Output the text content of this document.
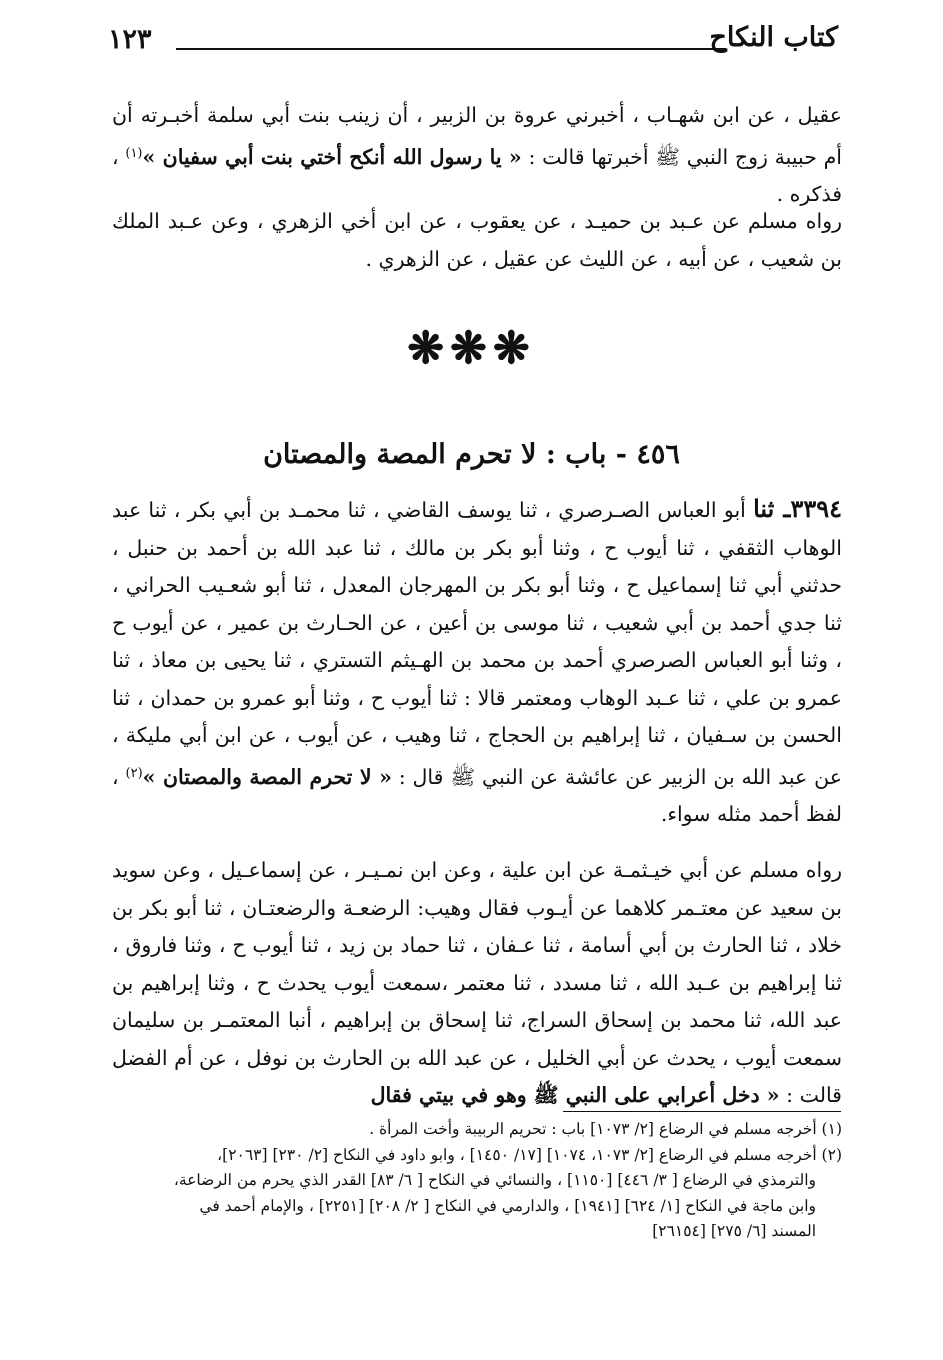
كتاب النكاح
١٢٣
عقيل ، عن ابن شهـاب ، أخبرني عروة بن الزبير ، أن زينب بنت أبي سلمة أخبـرته أن أم حبيبة زوج النبي ﷺ أخبرتها قالت : « يا رسول الله أنكح أختي بنت أبي سفيان »$^{(١)}$ ، فذكره .
رواه مسلم عن عـبد بن حميـد ، عن يعقوب ، عن ابن أخي الزهري ، وعن عـبد الملك بن شعيب ، عن أبيه ، عن الليث عن عقيل ، عن الزهري .
❋❋❋
٤٥٦ - باب : لا تحرم المصة والمصتان
٣٣٩٤ـ ثنا أبو العباس الصـرصري ، ثنا يوسف القاضي ، ثنا محمـد بن أبي بكر ، ثنا عبد الوهاب الثقفي ، ثنا أيوب ح ، وثنا أبو بكر بن مالك ، ثنا عبد الله بن أحمد بن حنبل ، حدثني أبي ثنا إسماعيل ح ، وثنا أبو بكر بن المهرجان المعدل ، ثنا أبو شعـيب الحراني ، ثنا جدي أحمد بن أبي شعيب ، ثنا موسى بن أعين ، عن الحـارث بن عمير ، عن أيوب ح ، وثنا أبو العباس الصرصري أحمد بن محمد بن الهـيثم التستري ، ثنا يحيى بن معاذ ، ثنا عمرو بن علي ، ثنا عـبد الوهاب ومعتمر قالا : ثنا أيوب ح ، وثنا أبو عمرو بن حمدان ، ثنا الحسن بن سـفيان ، ثنا إبراهيم بن الحجاج ، ثنا وهيب ، عن أيوب ، عن ابن أبي مليكة ، عن عبد الله بن الزبير عن عائشة عن النبي ﷺ قال : « لا تحرم المصة والمصتان »$^{(٢)}$ ، لفظ أحمد مثله سواء.
رواه مسلم عن أبي خيـثمـة عن ابن علية ، وعن ابن نمـيـر ، عن إسماعـيل ، وعن سويد بن سعيد عن معتـمر كلاهما عن أيـوب فقال وهيب: الرضعـة والرضعتـان ، ثنا أبو بكر بن خلاد ، ثنا الحارث بن أبي أسامة ، ثنا عـفان ، ثنا حماد بن زيد ، ثنا أيوب ح ، وثنا فاروق ، ثنا إبراهيم بن عـبد الله ، ثنا مسدد ، ثنا معتمر ،سمعت أيوب يحدث ح ، وثنا إبراهيم بن عبد الله، ثنا محمد بن إسحاق السراج، ثنا إسحاق بن إبراهيم ، أنبا المعتمـر بن سليمان سمعت أيوب ، يحدث عن أبي الخليل ، عن عبد الله بن الحارث بن نوفل ، عن أم الفضل قالت : « دخل أعرابي على النبي ﷺ وهو في بيتي فقال
(١) أخرجه مسلم في الرضاع [٢/ ١٠٧٣] باب : تحريم الربيبة وأخت المرأة .
(٢) أخرجه مسلم في الرضاع [٢/ ١٠٧٣، ١٠٧٤] [١٧/ ١٤٥٠] ، وابو داود في النكاح [٢/ ٢٣٠] [٢٠٦٣]،
والترمذي في الرضاع [ ٣/ ٤٤٦] [١١٥٠] ، والنسائي في النكاح [ ٦/ ٨٣] القدر الذي يحرم من الرضاعة،
وابن ماجة في النكاح [١/ ٦٢٤] [١٩٤١] ، والدارمي في النكاح [ ٢/ ٢٠٨] [٢٢٥١] ، والإمام أحمد في
المسند [٦/ ٢٧٥] [٢٦١٥٤]
